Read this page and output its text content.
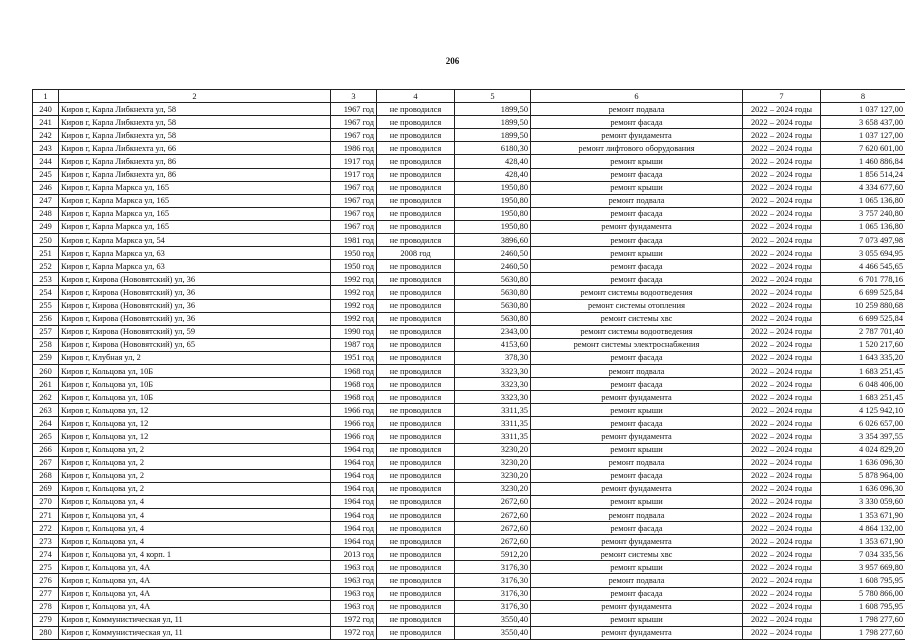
206
1	2	3	4	5	6	7	8
240	Киров г, Карла Либкнехта ул, 58	1967 год	не проводился	1899,50	ремонт подвала	2022 – 2024 годы	1 037 127,00
241	Киров г, Карла Либкнехта ул, 58	1967 год	не проводился	1899,50	ремонт фасада	2022 – 2024 годы	3 658 437,00
242	Киров г, Карла Либкнехта ул, 58	1967 год	не проводился	1899,50	ремонт фундамента	2022 – 2024 годы	1 037 127,00
243	Киров г, Карла Либкнехта ул, 66	1986 год	не проводился	6180,30	ремонт лифтового оборудования	2022 – 2024 годы	7 620 601,00
244	Киров г, Карла Либкнехта ул, 86	1917 год	не проводился	428,40	ремонт крыши	2022 – 2024 годы	1 460 886,84
245	Киров г, Карла Либкнехта ул, 86	1917 год	не проводился	428,40	ремонт фасада	2022 – 2024 годы	1 856 514,24
246	Киров г, Карла Маркса ул, 165	1967 год	не проводился	1950,80	ремонт крыши	2022 – 2024 годы	4 334 677,60
247	Киров г, Карла Маркса ул, 165	1967 год	не проводился	1950,80	ремонт подвала	2022 – 2024 годы	1 065 136,80
248	Киров г, Карла Маркса ул, 165	1967 год	не проводился	1950,80	ремонт фасада	2022 – 2024 годы	3 757 240,80
249	Киров г, Карла Маркса ул, 165	1967 год	не проводился	1950,80	ремонт фундамента	2022 – 2024 годы	1 065 136,80
250	Киров г, Карла Маркса ул, 54	1981 год	не проводился	3896,60	ремонт фасада	2022 – 2024 годы	7 073 497,98
251	Киров г, Карла Маркса ул, 63	1950 год	2008 год	2460,50	ремонт крыши	2022 – 2024 годы	3 055 694,95
252	Киров г, Карла Маркса ул, 63	1950 год	не проводился	2460,50	ремонт фасада	2022 – 2024 годы	4 466 545,65
253	Киров г, Кирова (Нововятский) ул, 36	1992 год	не проводился	5630,80	ремонт фасада	2022 – 2024 годы	6 701 778,16
254	Киров г, Кирова (Нововятский) ул, 36	1992 год	не проводился	5630,80	ремонт системы водоотведения	2022 – 2024 годы	6 699 525,84
255	Киров г, Кирова (Нововятский) ул, 36	1992 год	не проводился	5630,80	ремонт системы отопления	2022 – 2024 годы	10 259 880,68
256	Киров г, Кирова (Нововятский) ул, 36	1992 год	не проводился	5630,80	ремонт системы хвс	2022 – 2024 годы	6 699 525,84
257	Киров г, Кирова (Нововятский) ул, 59	1990 год	не проводился	2343,00	ремонт системы водоотведения	2022 – 2024 годы	2 787 701,40
258	Киров г, Кирова (Нововятский) ул, 65	1987 год	не проводился	4153,60	ремонт системы электроснабжения	2022 – 2024 годы	1 520 217,60
259	Киров г, Клубная ул, 2	1951 год	не проводился	378,30	ремонт фасада	2022 – 2024 годы	1 643 335,20
260	Киров г, Кольцова ул, 10Б	1968 год	не проводился	3323,30	ремонт подвала	2022 – 2024 годы	1 683 251,45
261	Киров г, Кольцова ул, 10Б	1968 год	не проводился	3323,30	ремонт фасада	2022 – 2024 годы	6 048 406,00
262	Киров г, Кольцова ул, 10Б	1968 год	не проводился	3323,30	ремонт фундамента	2022 – 2024 годы	1 683 251,45
263	Киров г, Кольцова ул, 12	1966 год	не проводился	3311,35	ремонт крыши	2022 – 2024 годы	4 125 942,10
264	Киров г, Кольцова ул, 12	1966 год	не проводился	3311,35	ремонт фасада	2022 – 2024 годы	6 026 657,00
265	Киров г, Кольцова ул, 12	1966 год	не проводился	3311,35	ремонт фундамента	2022 – 2024 годы	3 354 397,55
266	Киров г, Кольцова ул, 2	1964 год	не проводился	3230,20	ремонт крыши	2022 – 2024 годы	4 024 829,20
267	Киров г, Кольцова ул, 2	1964 год	не проводился	3230,20	ремонт подвала	2022 – 2024 годы	1 636 096,30
268	Киров г, Кольцова ул, 2	1964 год	не проводился	3230,20	ремонт фасада	2022 – 2024 годы	5 878 964,00
269	Киров г, Кольцова ул, 2	1964 год	не проводился	3230,20	ремонт фундамента	2022 – 2024 годы	1 636 096,30
270	Киров г, Кольцова ул, 4	1964 год	не проводился	2672,60	ремонт крыши	2022 – 2024 годы	3 330 059,60
271	Киров г, Кольцова ул, 4	1964 год	не проводился	2672,60	ремонт подвала	2022 – 2024 годы	1 353 671,90
272	Киров г, Кольцова ул, 4	1964 год	не проводился	2672,60	ремонт фасада	2022 – 2024 годы	4 864 132,00
273	Киров г, Кольцова ул, 4	1964 год	не проводился	2672,60	ремонт фундамента	2022 – 2024 годы	1 353 671,90
274	Киров г, Кольцова ул, 4 корп. 1	2013 год	не проводился	5912,20	ремонт системы хвс	2022 – 2024 годы	7 034 335,56
275	Киров г, Кольцова ул, 4А	1963 год	не проводился	3176,30	ремонт крыши	2022 – 2024 годы	3 957 669,80
276	Киров г, Кольцова ул, 4А	1963 год	не проводился	3176,30	ремонт подвала	2022 – 2024 годы	1 608 795,95
277	Киров г, Кольцова ул, 4А	1963 год	не проводился	3176,30	ремонт фасада	2022 – 2024 годы	5 780 866,00
278	Киров г, Кольцова ул, 4А	1963 год	не проводился	3176,30	ремонт фундамента	2022 – 2024 годы	1 608 795,95
279	Киров г, Коммунистическая ул, 11	1972 год	не проводился	3550,40	ремонт крыши	2022 – 2024 годы	1 798 277,60
280	Киров г, Коммунистическая ул, 11	1972 год	не проводился	3550,40	ремонт фундамента	2022 – 2024 годы	1 798 277,60
